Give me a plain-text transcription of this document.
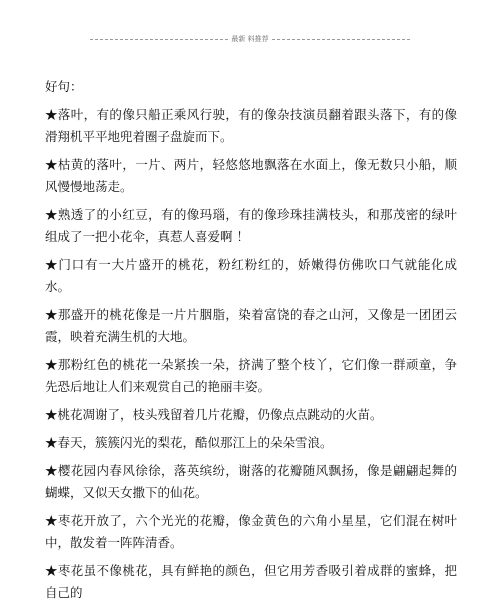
最新 料推荐

好句：

★落叶，有的像只船正乘风行驶，有的像杂技演员翻着跟头落下，有的像滑翔机平平地兜着圈子盘旋而下。

★枯黄的落叶，一片、两片，轻悠悠地飘落在水面上，像无数只小船，顺风慢慢地荡走。

★熟透了的小红豆，有的像玛瑙，有的像珍珠挂满枝头，和那茂密的绿叶组成了一把小花伞，真惹人喜爱啊 ！

★门口有一大片盛开的桃花，粉红粉红的，娇嫩得仿佛吹口气就能化成水。

★那盛开的桃花像是一片片胭脂，染着富饶的春之山河，又像是一团团云霞，映着充满生机的大地。

★那粉红色的桃花一朵紧挨一朵，挤满了整个枝丫，它们像一群顽童，争先恐后地让人们来观赏自己的艳丽丰姿。

★桃花凋谢了，枝头残留着几片花瓣，仍像点点跳动的火苗。

★春天，簇簇闪光的梨花，酷似那江上的朵朵雪浪。

★樱花园内春风徐徐，落英缤纷，谢落的花瓣随风飘扬，像是翩翩起舞的蝴蝶，又似天女撒下的仙花。

★枣花开放了，六个光光的花瓣，像金黄色的六角小星星，它们混在树叶中，散发着一阵阵清香。

★枣花虽不像桃花，具有鲜艳的颜色，但它用芳香吸引着成群的蜜蜂，把自己的
